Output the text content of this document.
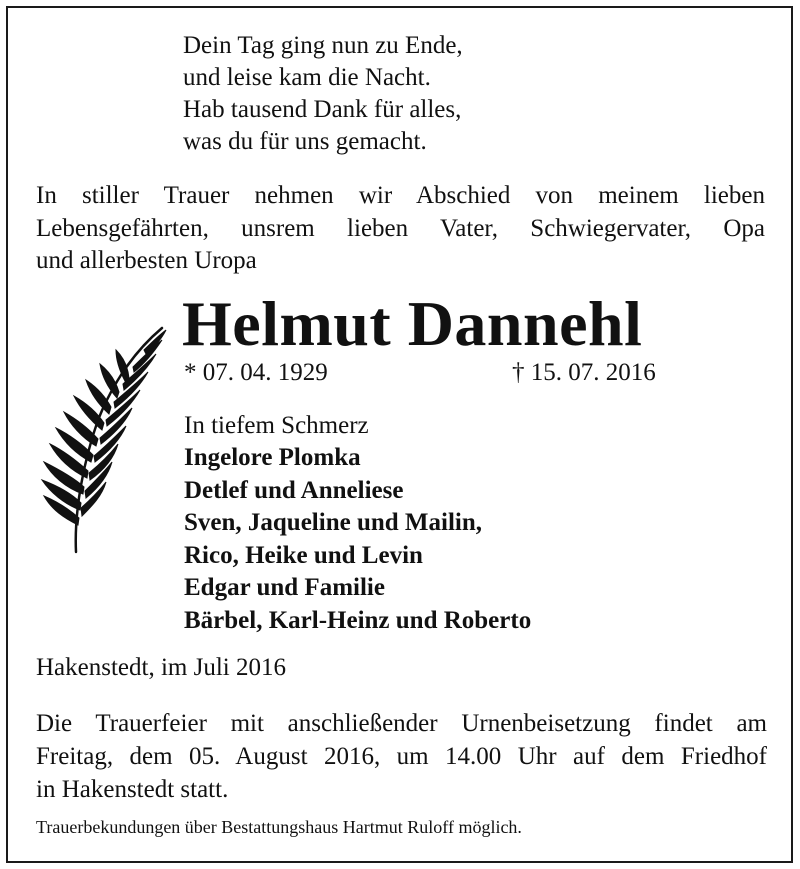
Dein Tag ging nun zu Ende,
und leise kam die Nacht.
Hab tausend Dank für alles,
was du für uns gemacht.
In stiller Trauer nehmen wir Abschied von meinem lieben
Lebensgefährten, unsrem lieben Vater, Schwiegervater, Opa
und allerbesten Uropa
Helmut Dannehl
* 07. 04. 1929	† 15. 07. 2016
In tiefem Schmerz
Ingelore Plomka
Detlef und Anneliese
Sven, Jaqueline und Mailin,
Rico, Heike und Levin
Edgar und Familie
Bärbel, Karl-Heinz und Roberto
Hakenstedt, im Juli 2016
Die Trauerfeier mit anschließender Urnenbeisetzung findet am
Freitag, dem 05. August 2016, um 14.00 Uhr auf dem Friedhof
in Hakenstedt statt.
Trauerbekundungen über Bestattungshaus Hartmut Ruloff möglich.
